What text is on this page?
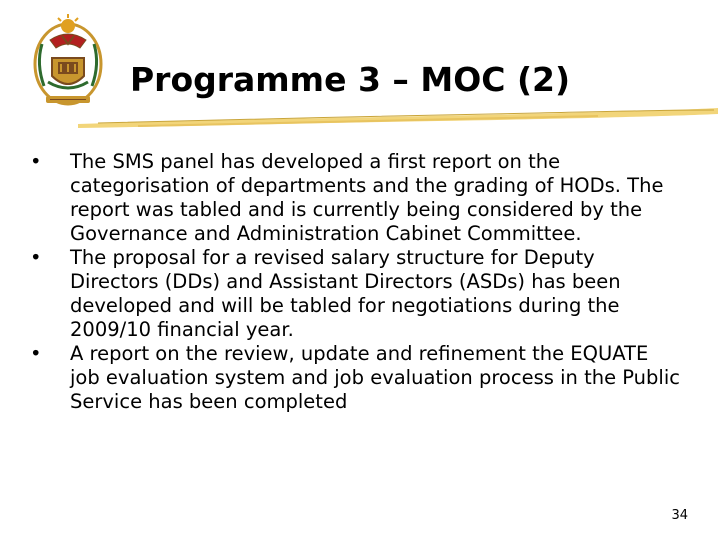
Programme 3 – MOC (2)
•	The SMS panel has developed a first report on the categorisation of departments and the grading of HODs. The report was tabled and is currently being considered by the Governance and Administration Cabinet Committee.
•	The proposal for a revised salary structure for Deputy Directors (DDs) and Assistant Directors (ASDs) has been developed and will be tabled for negotiations during the 2009/10 financial year.
•	A report on the review, update and refinement the EQUATE job evaluation system and job evaluation process in the Public Service has been completed
34
